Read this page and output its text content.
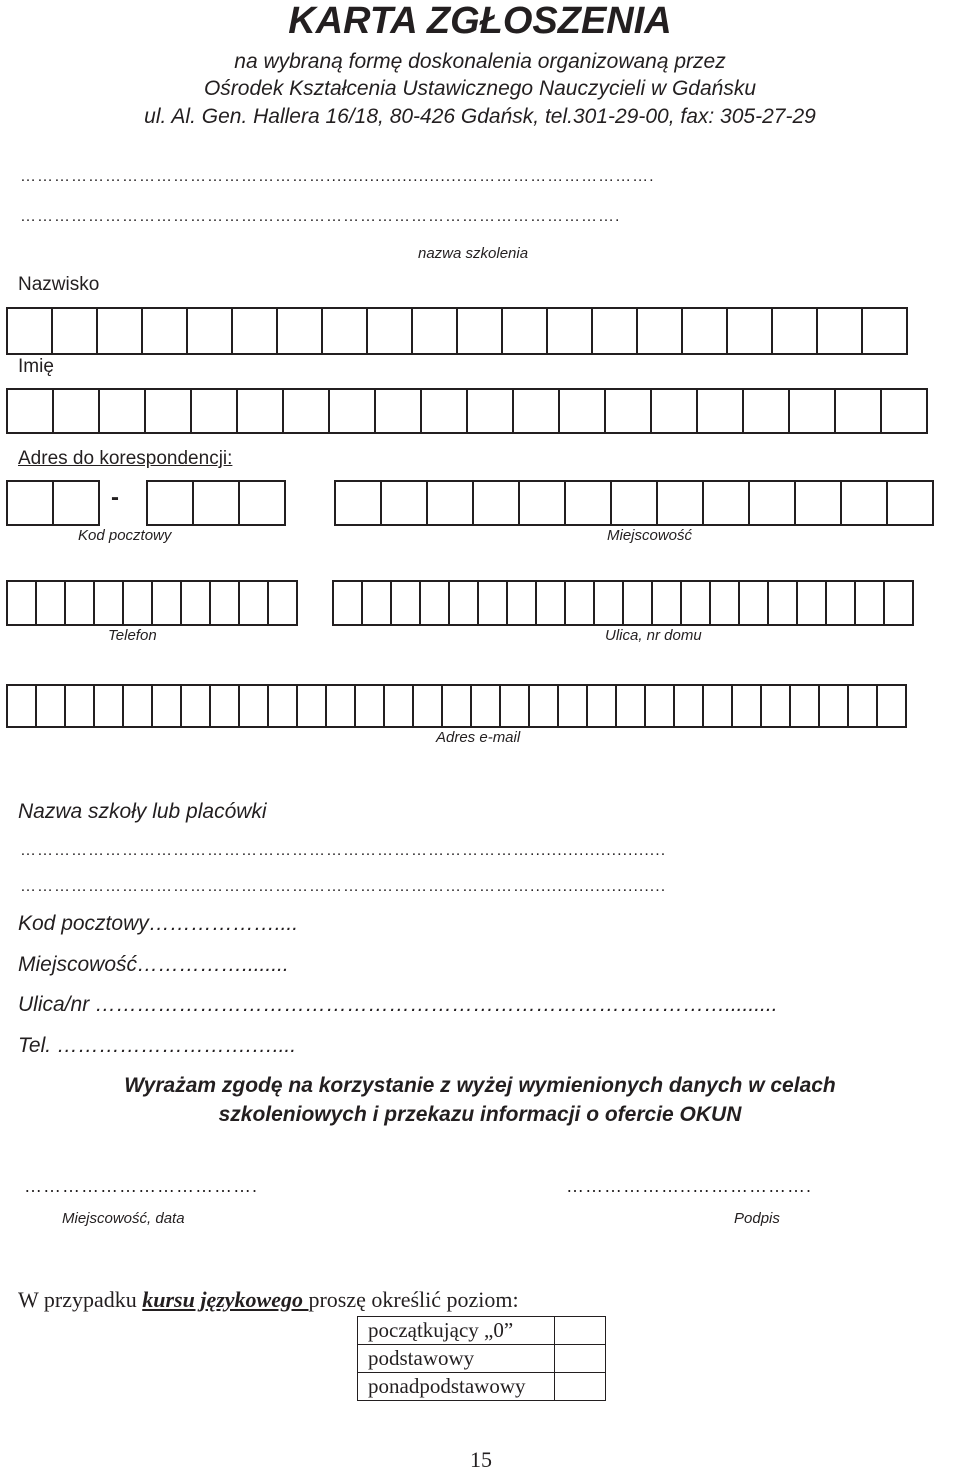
KARTA ZGŁOSZENIA
na wybraną formę doskonalenia organizowaną przez
Ośrodek Kształcenia Ustawicznego Nauczycieli w Gdańsku
ul. Al. Gen. Hallera 16/18, 80-426 Gdańsk, tel.301-29-00, fax: 305-27-29
……………………………………………….........................…………………………….
…………………………………………………………………………………………….
nazwa szkolenia
Nazwisko
Imię
Adres do korespondencji:
-
Kod pocztowy	Miejscowość
Telefon	Ulica, nr domu
Adres e-mail
Nazwa szkoły lub placówki
……………………………………………………………………………….........................
……………………………………………………………………………….........................
Kod pocztowy………………....
Miejscowość……………........
Ulica/nr ……………………………………………………………………………….........
Tel. ……………………….…....
Wyrażam zgodę na korzystanie z wyżej wymienionych danych w celach
szkoleniowych i przekazu informacji o ofercie OKUN
……………………………….	………………..……………….
Miejscowość, data	Podpis
W przypadku kursu językowego proszę określić poziom:
początkujący „0”	
podstawowy	
ponadpodstawowy	
15
